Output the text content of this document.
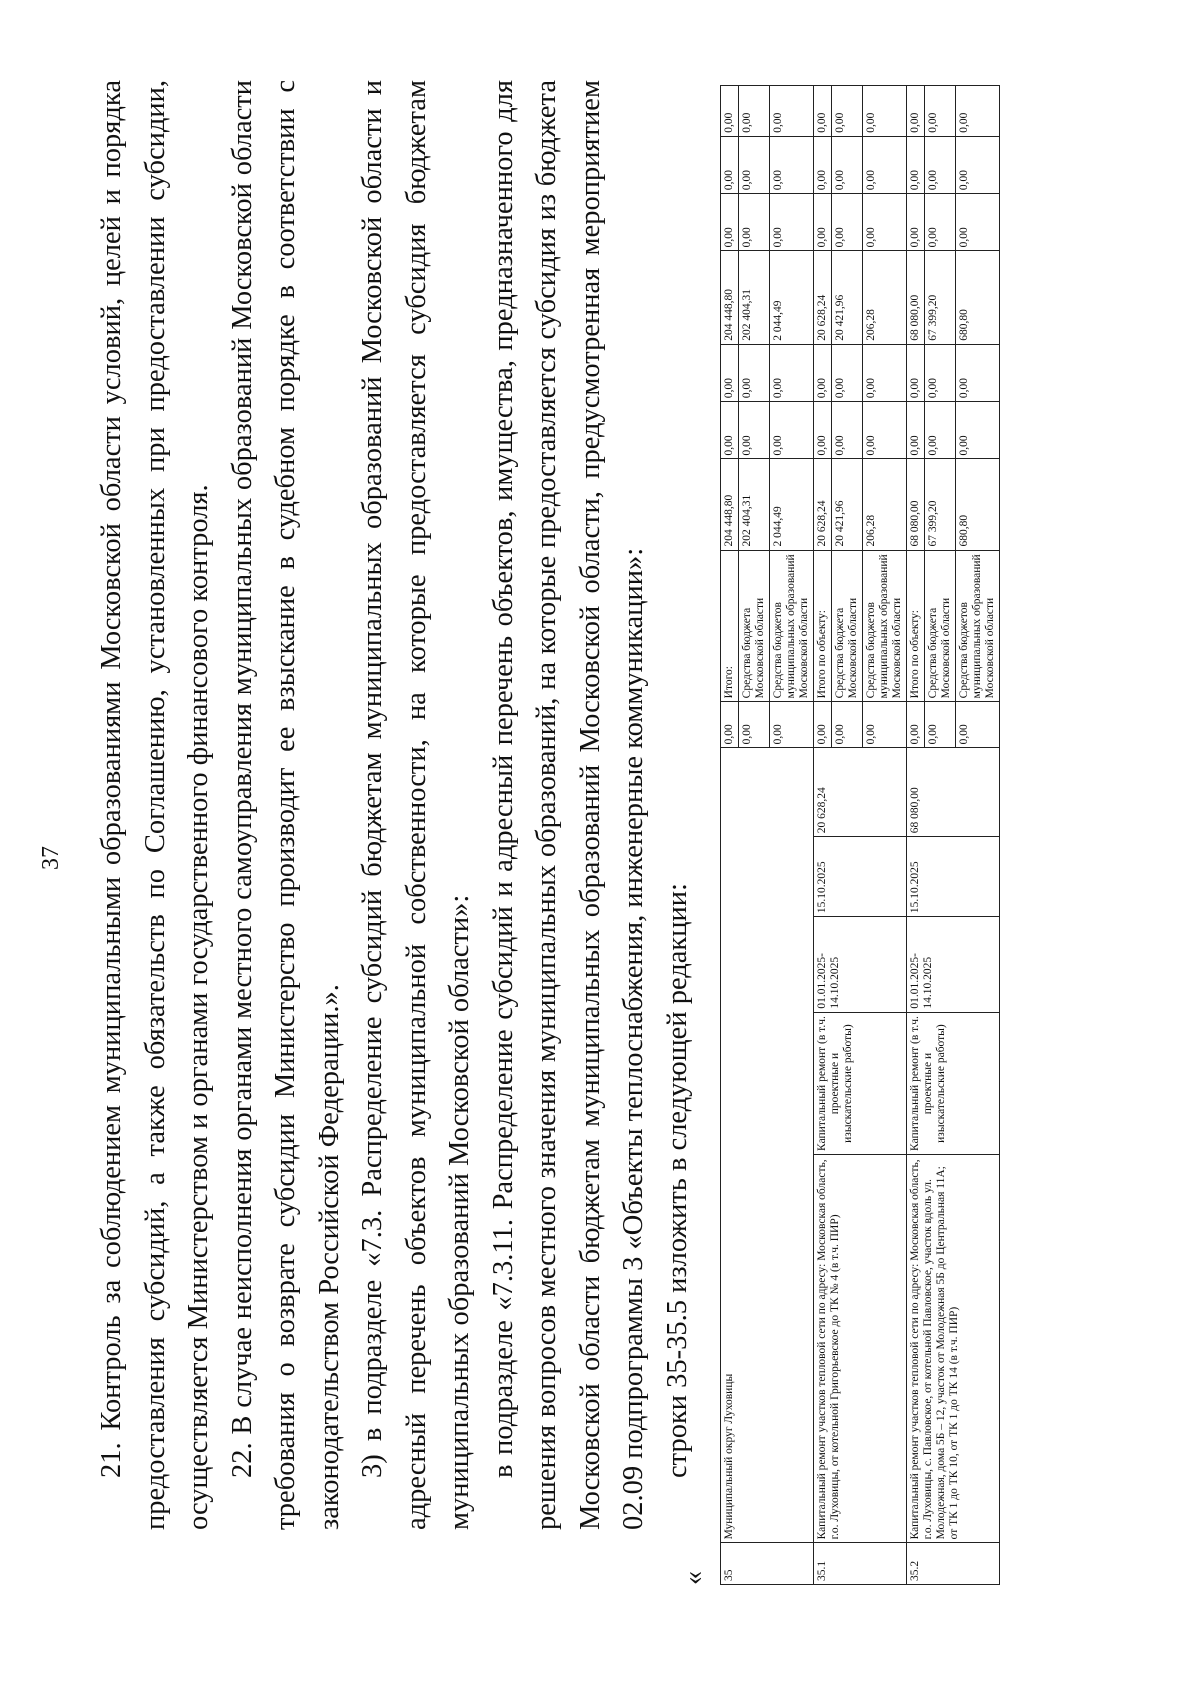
37 21. Контроль за соблюдением муниципальными образованиями Московской области условий, целей и порядка предоставления субсидий, а также обязательств по Соглашению, установленных при предоставлении субсидии, осуществляется Министерством и органами государственного финансового контроля. 22. В случае неисполнения органами местного самоуправления муниципальных образований Московской области требования о возврате субсидии Министерство производит ее взыскание в судебном порядке в соответствии с законодательством Российской Федерации.». 3) в подразделе «7.3. Распределение субсидий бюджетам муниципальных образований Московской области и адресный перечень объектов муниципальной собственности, на которые предоставляется субсидия бюджетам муниципальных образований Московской области»: в подразделе «7.3.11. Распределение субсидий и адресный перечень объектов, имущества, предназначенного для решения вопросов местного значения муниципальных образований, на которые предоставляется субсидия из бюджета Московской области бюджетам муниципальных образований Московской области, предусмотренная мероприятием 02.09 подпрограммы 3 «Объекты теплоснабжения, инженерные коммуникации»: строки 35-35.5 изложить в следующей редакции:

« 35	Муниципальный округ Луховицы					0,00	Итого:	204 448,80	0,00	0,00	204 448,80	0,00	0,00	0,00
						0,00	Средства бюджета Московской области	202 404,31	0,00	0,00	202 404,31	0,00	0,00	0,00
						0,00	Средства бюджетов муниципальных образований Московской области	2 044,49	0,00	0,00	2 044,49	0,00	0,00	0,00
35.1	Капитальный ремонт участков тепловой сети по адресу: Московская область, г.о. Луховицы, от котельной Григорьевское до ТК № 4 (в т.ч. ПИР)	Капитальный ремонт (в т.ч. проектные и изыскательские работы)	01.01.2025- 14.10.2025	15.10.2025	20 628,24	0,00	Итого по объекту:	20 628,24	0,00	0,00	20 628,24	0,00	0,00	0,00
						0,00	Средства бюджета Московской области	20 421,96	0,00	0,00	20 421,96	0,00	0,00	0,00
						0,00	Средства бюджетов муниципальных образований Московской области	206,28	0,00	0,00	206,28	0,00	0,00	0,00
35.2	Капитальный ремонт участков тепловой сети по адресу: Московская область, г.о. Луховицы, с. Павловское, от котельной Павловское, участок вдоль ул. Молодежная, дома 5Б – 12, участок от Молодежная 5Б до Центральная 11А; от ТК 1 до ТК 10, от ТК 1 до ТК 14 (в т.ч. ПИР)	Капитальный ремонт (в т.ч. проектные и изыскательские работы)	01.01.2025- 14.10.2025	15.10.2025	68 080,00	0,00	Итого по объекту:	68 080,00	0,00	0,00	68 080,00	0,00	0,00	0,00
						0,00	Средства бюджета Московской области	67 399,20	0,00	0,00	67 399,20	0,00	0,00	0,00
						0,00	Средства бюджетов муниципальных образований Московской области	680,80	0,00	0,00	680,80	0,00	0,00	0,00
